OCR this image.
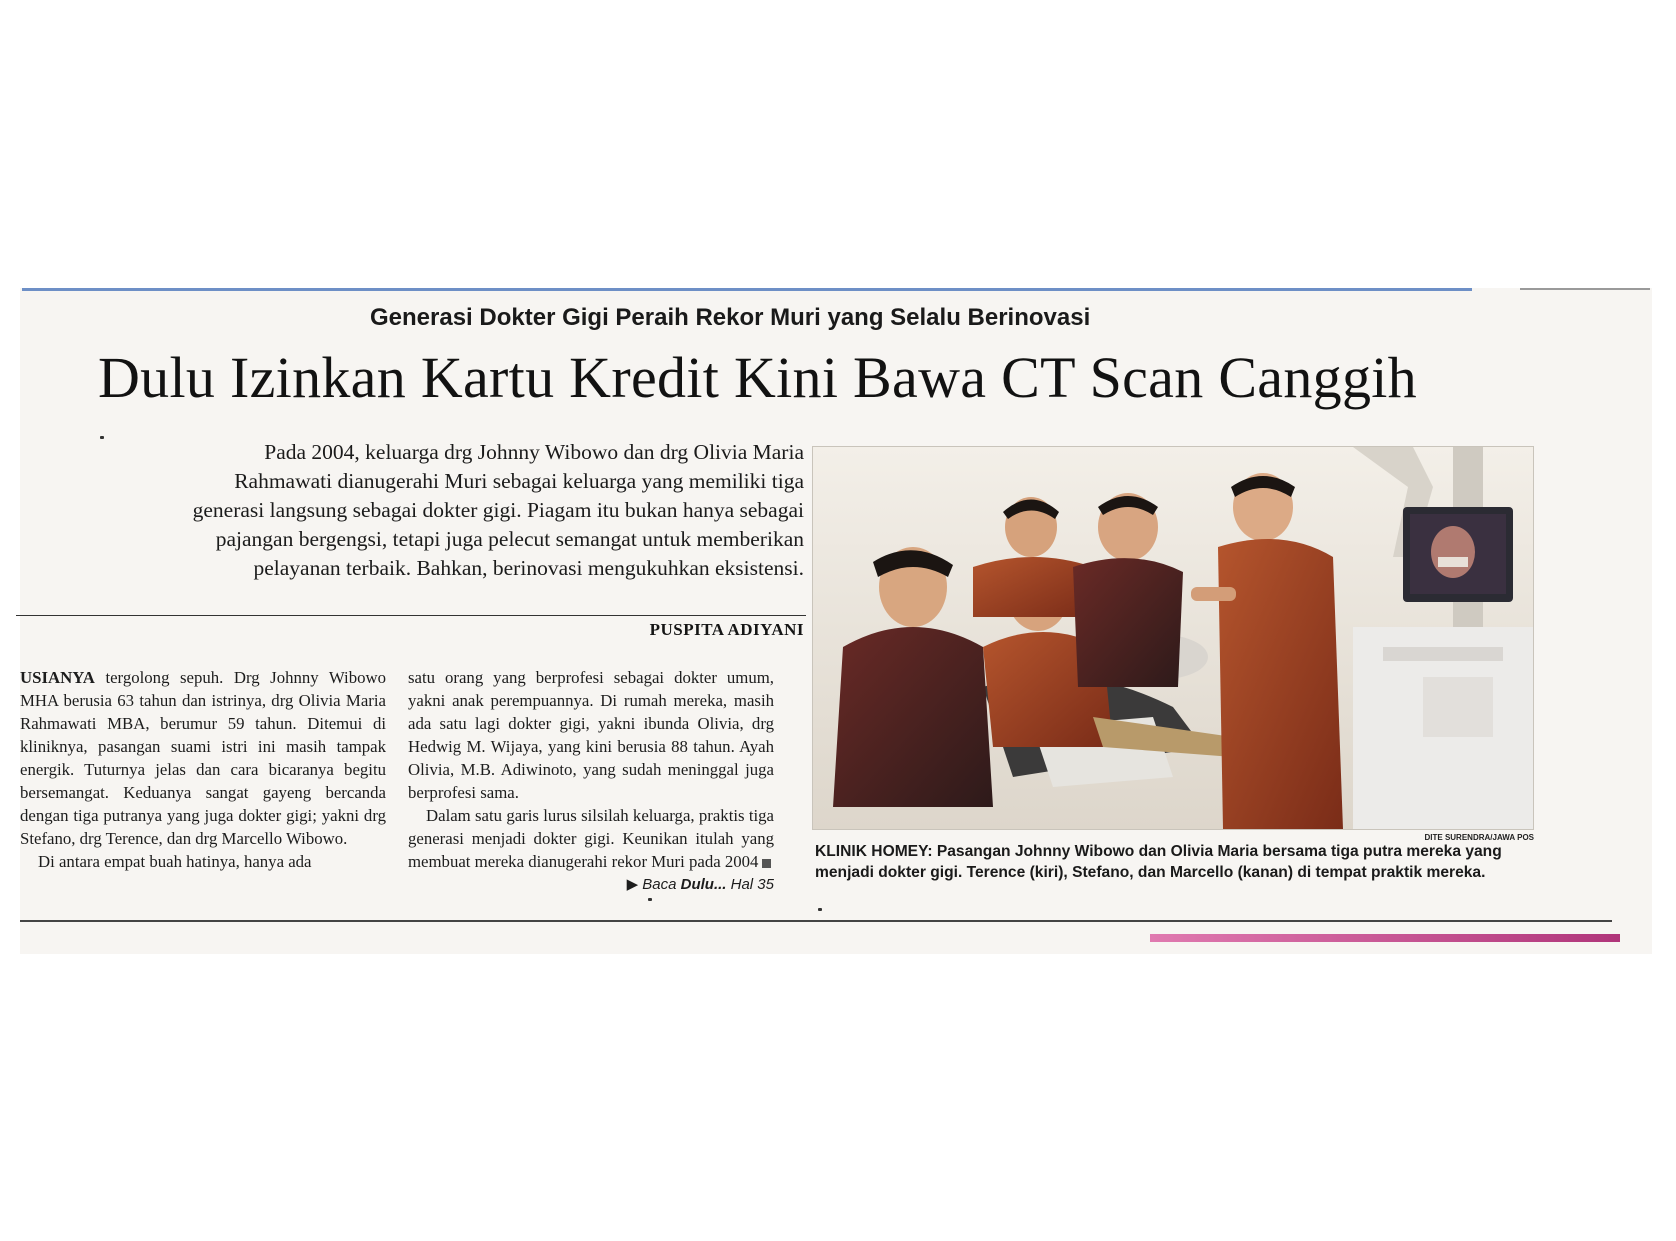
Generasi Dokter Gigi Peraih Rekor Muri yang Selalu Berinovasi
Dulu Izinkan Kartu Kredit Kini Bawa CT Scan Canggih

Pada 2004, keluarga drg Johnny Wibowo dan drg Olivia Maria

Rahmawati dianugerahi Muri sebagai keluarga yang memiliki tiga

generasi langsung sebagai dokter gigi. Piagam itu bukan hanya sebagai

pajangan bergengsi, tetapi juga pelecut semangat untuk memberikan

pelayanan terbaik. Bahkan, berinovasi mengukuhkan eksistensi.

PUSPITA ADIYANI

USIANYA tergolong sepuh. Drg Johnny Wibowo MHA berusia 63 tahun dan istrinya, drg Olivia Maria Rahmawati MBA, berumur 59 tahun. Ditemui di kliniknya, pasangan suami istri ini masih tampak energik. Tuturnya jelas dan cara bicaranya begitu bersemangat. Keduanya sangat gayeng bercanda dengan tiga putranya yang juga dokter gigi; yakni drg Stefano, drg Terence, dan drg Marcello Wibowo.

Di antara empat buah hatinya, hanya ada

satu orang yang berprofesi sebagai dokter umum, yakni anak perempuannya. Di rumah mereka, masih ada satu lagi dokter gigi, yakni ibunda Olivia, drg Hedwig M. Wijaya, yang kini berusia 88 tahun. Ayah Olivia, M.B. Adiwinoto, yang sudah meninggal juga berprofesi sama.

Dalam satu garis lurus silsilah keluarga, praktis tiga generasi menjadi dokter gigi. Keunikan itulah yang membuat mereka dianugerahi rekor Muri pada 2004
▶ Baca Dulu... Hal 35

DITE SURENDRA/JAWA POS
KLINIK HOMEY: Pasangan Johnny Wibowo dan Olivia Maria bersama tiga putra mereka yang menjadi dokter gigi. Terence (kiri), Stefano, dan Marcello (kanan) di tempat praktik mereka.
